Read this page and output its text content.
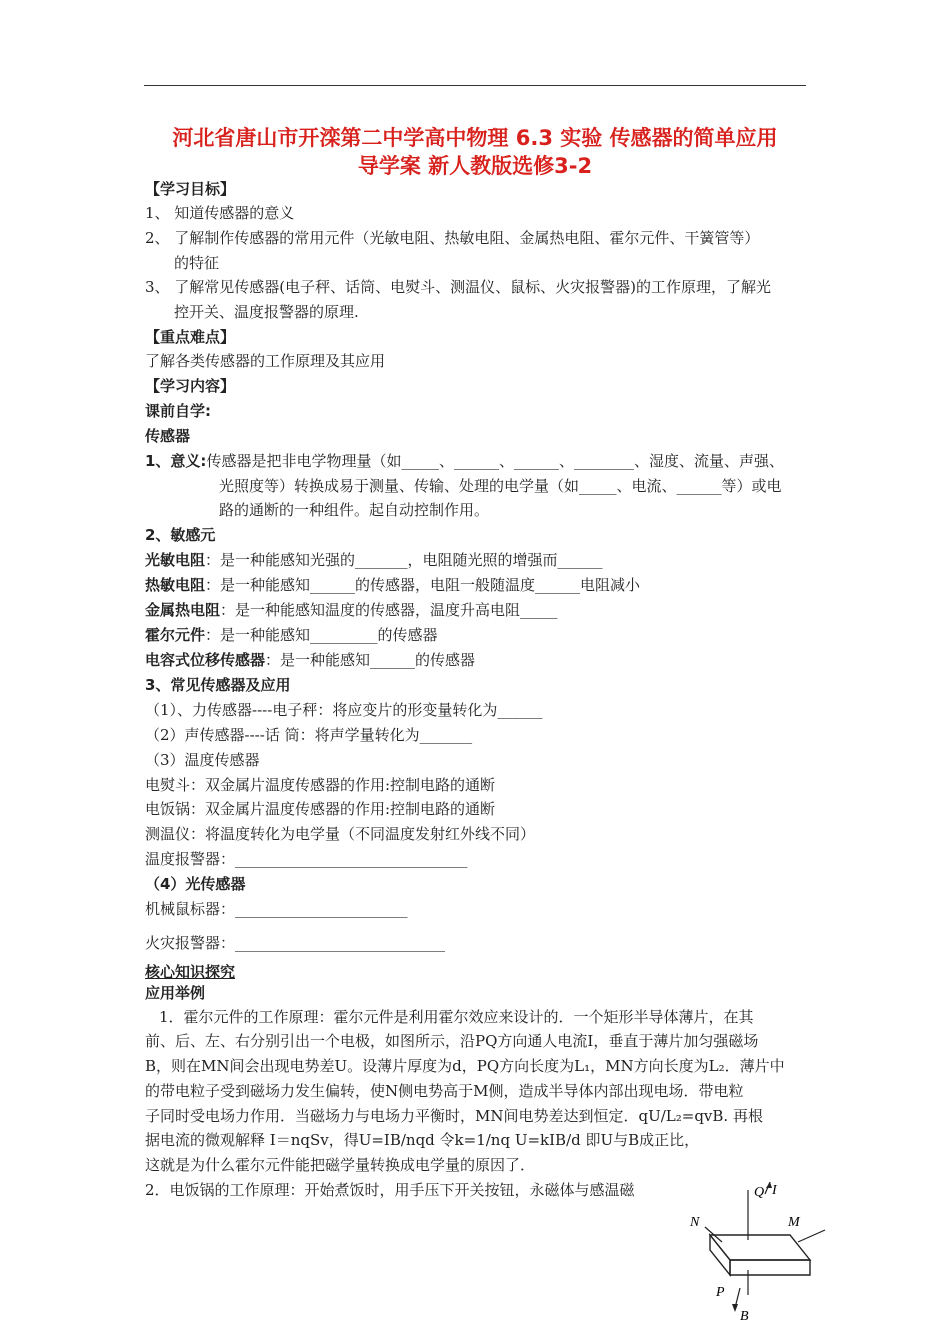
河北省唐山市开滦第二中学高中物理 6.3 实验 传感器的简单应用
导学案 新人教版选修3-2
【学习目标】
1、 知道传感器的意义
2、 了解制作传感器的常用元件（光敏电阻、热敏电阻、金属热电阻、霍尔元件、干簧管等）
的特征
3、 了解常见传感器(电子秤、话筒、电熨斗、测温仪、鼠标、火灾报警器)的工作原理，了解光
控开关、温度报警器的原理.
【重点难点】
了解各类传感器的工作原理及其应用
【学习内容】
课前自学:
传感器
1、意义:传感器是把非电学物理量（如_____、______、______、________、湿度、流量、声强、
光照度等）转换成易于测量、传输、处理的电学量（如_____、电流、______等）或电
路的通断的一种组件。起自动控制作用。
2、敏感元
光敏电阻：是一种能感知光强的_______，电阻随光照的增强而______
热敏电阻：是一种能感知______的传感器，电阻一般随温度______电阻减小
金属热电阻：是一种能感知温度的传感器，温度升高电阻_____
霍尔元件：是一种能感知_________的传感器
电容式位移传感器：是一种能感知______的传感器
3、常见传感器及应用
（1）、力传感器----电子秤：将应变片的形变量转化为______
（2）声传感器----话 筒：将声学量转化为_______
（3）温度传感器
电熨斗：双金属片温度传感器的作用:控制电路的通断
电饭锅：双金属片温度传感器的作用:控制电路的通断
测温仪：将温度转化为电学量（不同温度发射红外线不同）
温度报警器：_______________________________
（4）光传感器
机械鼠标器：_______________________
火灾报警器：____________________________
核心知识探究
应用举例
1．霍尔元件的工作原理：霍尔元件是利用霍尔效应来设计的．一个矩形半导体薄片，在其
前、后、左、右分别引出一个电极，如图所示，沿PQ方向通人电流I，垂直于薄片加匀强磁场
B，则在MN间会出现电势差U。设薄片厚度为d，PQ方向长度为L₁，MN方向长度为L₂．薄片中
的带电粒子受到磁场力发生偏转，使N侧电势高于M侧，造成半导体内部出现电场．带电粒
子同时受电场力作用．当磁场力与电场力平衡时，MN间电势差达到恒定．qU/L₂=qvB. 再根
据电流的微观解释 I＝nqSv，得U=IB/nqd 令k=1/nq U=kIB/d 即U与B成正比，
这就是为什么霍尔元件能把磁学量转换成电学量的原因了．
2．电饭锅的工作原理：开始煮饭时，用手压下开关按钮，永磁体与感温磁	Q I
N	M
P
B
